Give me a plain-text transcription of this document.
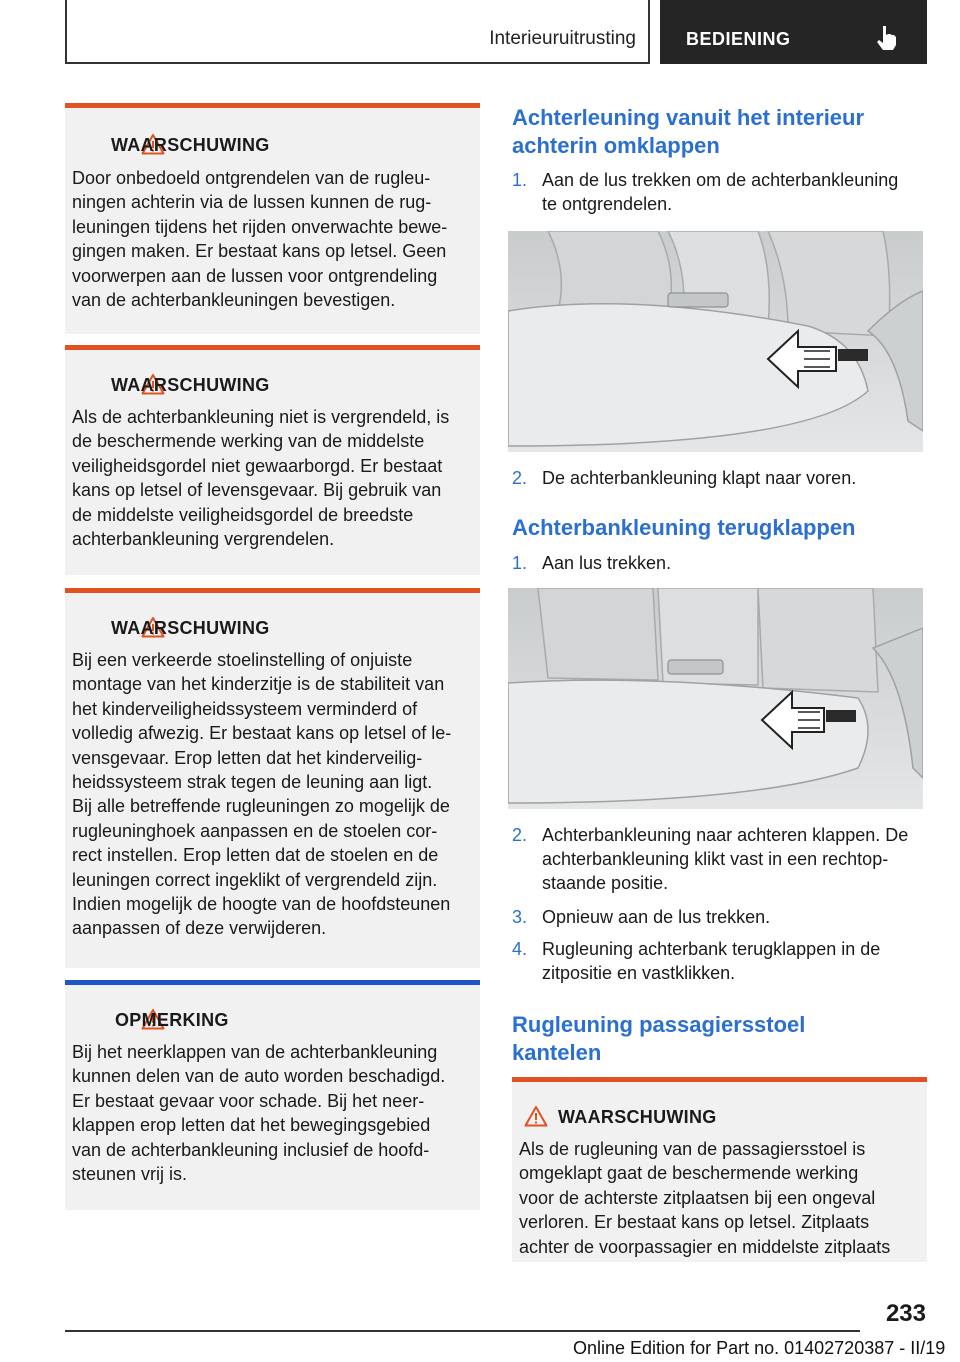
Interieuruitrusting	BEDIENING
WAARSCHUWING
Door onbedoeld ontgrendelen van de rugleu-
ningen achterin via de lussen kunnen de rug-
leuningen tijdens het rijden onverwachte bewe-
gingen maken. Er bestaat kans op letsel. Geen
voorwerpen aan de lussen voor ontgrendeling
van de achterbankleuningen bevestigen.
WAARSCHUWING
Als de achterbankleuning niet is vergrendeld, is
de beschermende werking van de middelste
veiligheidsgordel niet gewaarborgd. Er bestaat
kans op letsel of levensgevaar. Bij gebruik van
de middelste veiligheidsgordel de breedste
achterbankleuning vergrendelen.
WAARSCHUWING
Bij een verkeerde stoelinstelling of onjuiste
montage van het kinderzitje is de stabiliteit van
het kinderveiligheidssysteem verminderd of
volledig afwezig. Er bestaat kans op letsel of le-
vensgevaar. Erop letten dat het kinderveilig-
heidssysteem strak tegen de leuning aan ligt.
Bij alle betreffende rugleuningen zo mogelijk de
rugleuninghoek aanpassen en de stoelen cor-
rect instellen. Erop letten dat de stoelen en de
leuningen correct ingeklikt of vergrendeld zijn.
Indien mogelijk de hoogte van de hoofdsteunen
aanpassen of deze verwijderen.
OPMERKING
Bij het neerklappen van de achterbankleuning
kunnen delen van de auto worden beschadigd.
Er bestaat gevaar voor schade. Bij het neer-
klappen erop letten dat het bewegingsgebied
van de achterbankleuning inclusief de hoofd-
steunen vrij is.
Achterleuning vanuit het interieur
achterin omklappen
1. Aan de lus trekken om de achterbankleuning
te ontgrendelen.
2. De achterbankleuning klapt naar voren.
Achterbankleuning terugklappen
1. Aan lus trekken.
2. Achterbankleuning naar achteren klappen. De
achterbankleuning klikt vast in een rechtop-
staande positie.
3. Opnieuw aan de lus trekken.
4. Rugleuning achterbank terugklappen in de
zitpositie en vastklikken.
Rugleuning passagiersstoel
kantelen
WAARSCHUWING
Als de rugleuning van de passagiersstoel is
omgeklapt gaat de beschermende werking
voor de achterste zitplaatsen bij een ongeval
verloren. Er bestaat kans op letsel. Zitplaats
achter de voorpassagier en middelste zitplaats
233
Online Edition for Part no. 01402720387 - II/19
